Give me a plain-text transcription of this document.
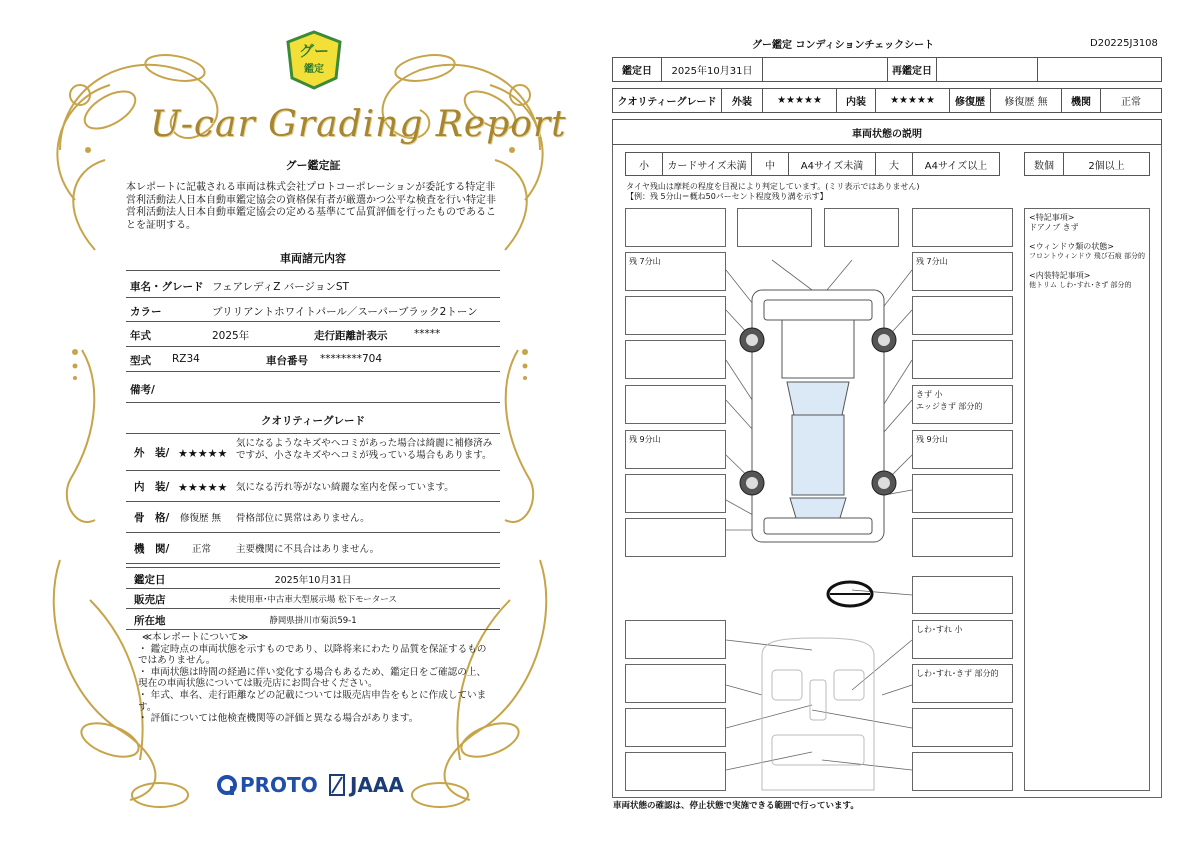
グー
鑑定
U-car Grading Report
グー鑑定証
本レポートに記載される車両は株式会社プロトコーポレーションが委託する特定非営利活動法人日本自動車鑑定協会の資格保有者が厳選かつ公平な検査を行い特定非営利活動法人日本自動車鑑定協会の定める基準にて品質評価を行ったものであることを証明する。
車両諸元内容
車名・グレード フェアレディZ バージョンST
カラー	ブリリアントホワイトパール／スーパーブラック2トーン
年式	2025年	走行距離計表示	*****
型式 RZ34	車台番号 ********704
備考/
クオリティーグレード
外　装/ ★★★★★
気になるようなキズやヘコミがあった場合は綺麗に補修済みですが、小さなキズやヘコミが残っている場合もあります。
内　装/ ★★★★★ 気になる汚れ等がない綺麗な室内を保っています。
骨　格/ 修復歴 無 骨格部位に異常はありません。
機　関/ 正常	主要機関に不具合はありません。
鑑定日	2025年10月31日
販売店	未使用車･中古車大型展示場 松下モータース
所在地	静岡県掛川市菊浜59-1
≪本レポートについて≫
・ 鑑定時点の車両状態を示すものであり、以降将来にわたり品質を保証するものではありません。
・ 車両状態は時間の経過に伴い変化する場合もあるため、鑑定日をご確認の上、現在の車両状態については販売店にお問合せください。
・ 年式、車名、走行距離などの記載については販売店申告をもとに作成しています。
・ 評価については他検査機関等の評価と異なる場合があります。
PROTO JAAA
グー鑑定 コンディションチェックシート	D20225J3108
鑑定日	2025年10月31日	再鑑定日
クオリティーグレード	外装	★★★★★	内装	★★★★★	修復歴	修復歴 無	機関	正常
車両状態の説明
小	カードサイズ未満	中	A4サイズ未満	大	A4サイズ以上	数個	2個以上
タイヤ残山は摩耗の程度を目視により判定しています。(ミリ表示ではありません)
【例：残 5分山＝概ね50パーセント程度残り溝を示す】
残 7分山
残 9分山
残 7分山
きず 小
エッジきず 部分的
残 9分山
しわ･すれ 小
しわ･すれ･きず 部分的
<特記事項>
ドアノブ きず
<ウィンドウ類の状態>
フロントウィンドウ 飛び石痕 部分的
<内装特記事項>
他トリム しわ･すれ･きず 部分的
車両状態の確認は、停止状態で実施できる範囲で行っています。
